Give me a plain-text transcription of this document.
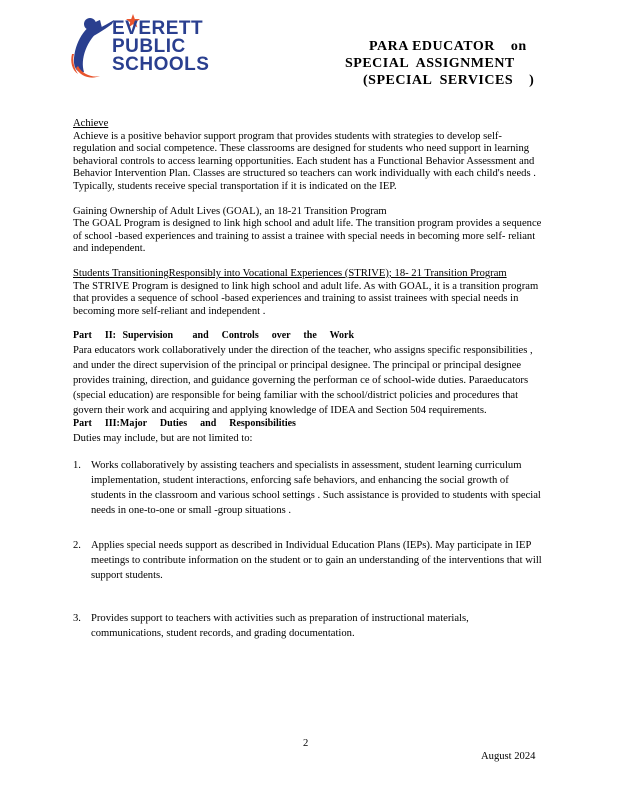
EVERETT
PUBLIC
SCHOOLS
PARA EDUCATOR    on
SPECIAL  ASSIGNMENT
(SPECIAL  SERVICES    )

Achieve

Achieve is a positive behavior support program that provides students with strategies to develop self-regulation and social competence. These classrooms are designed for students who need support in learning behavioral controls to access learning opportunities. Each student has a Functional Behavior Assessment and Behavior Intervention Plan. Classes are structured so teachers can work individually with each child's needs . Typically, students receive special transportation if it is indicated on the IEP.

Gaining Ownership of Adult Lives (GOAL), an 18-21 Transition Program

The GOAL Program is designed to link high school and adult life. The transition program provides a sequence of school -based experiences and training to assist a trainee with special needs in becoming more self- reliant and independent.

Students TransitioningResponsibly into Vocational Experiences (STRIVE); 18- 21 Transition Program

The STRIVE Program is designed to link high school and adult life. As with GOAL, it is a transition program that provides a sequence of school -based experiences and training to assist trainees with special needs in becoming more self-reliant and independent .

Part  II: Supervision   and  Controls  over  the  Work

Para educators work collaboratively under the direction of the teacher, who assigns specific responsibilities , and under the direct supervision of the principal or principal designee. The principal or principal designee provides training, direction, and guidance governing the performan ce of school-wide duties. Paraeducators (special education) are responsible for being familiar with the school/district policies and procedures that govern their work and acquiring and applying knowledge of IDEA and Section 504 requirements.

Part  III:Major  Duties  and  Responsibilities

Duties may include, but are not limited to:

1. Works collaboratively by assisting teachers and specialists in assessment, student learning curriculum implementation, student interactions, enforcing safe behaviors, and enhancing the social growth of students in the classroom and various school settings . Such assistance is provided to students with special needs in one-to-one or small -group situations .
2. Applies special needs support as described in Individual Education Plans (IEPs). May participate in IEP meetings to contribute information on the student or to gain an understanding of the interventions that will support students.
3. Provides support to teachers with activities such as preparation of instructional materials, communications, student records, and grading documentation.
2
August 2024
